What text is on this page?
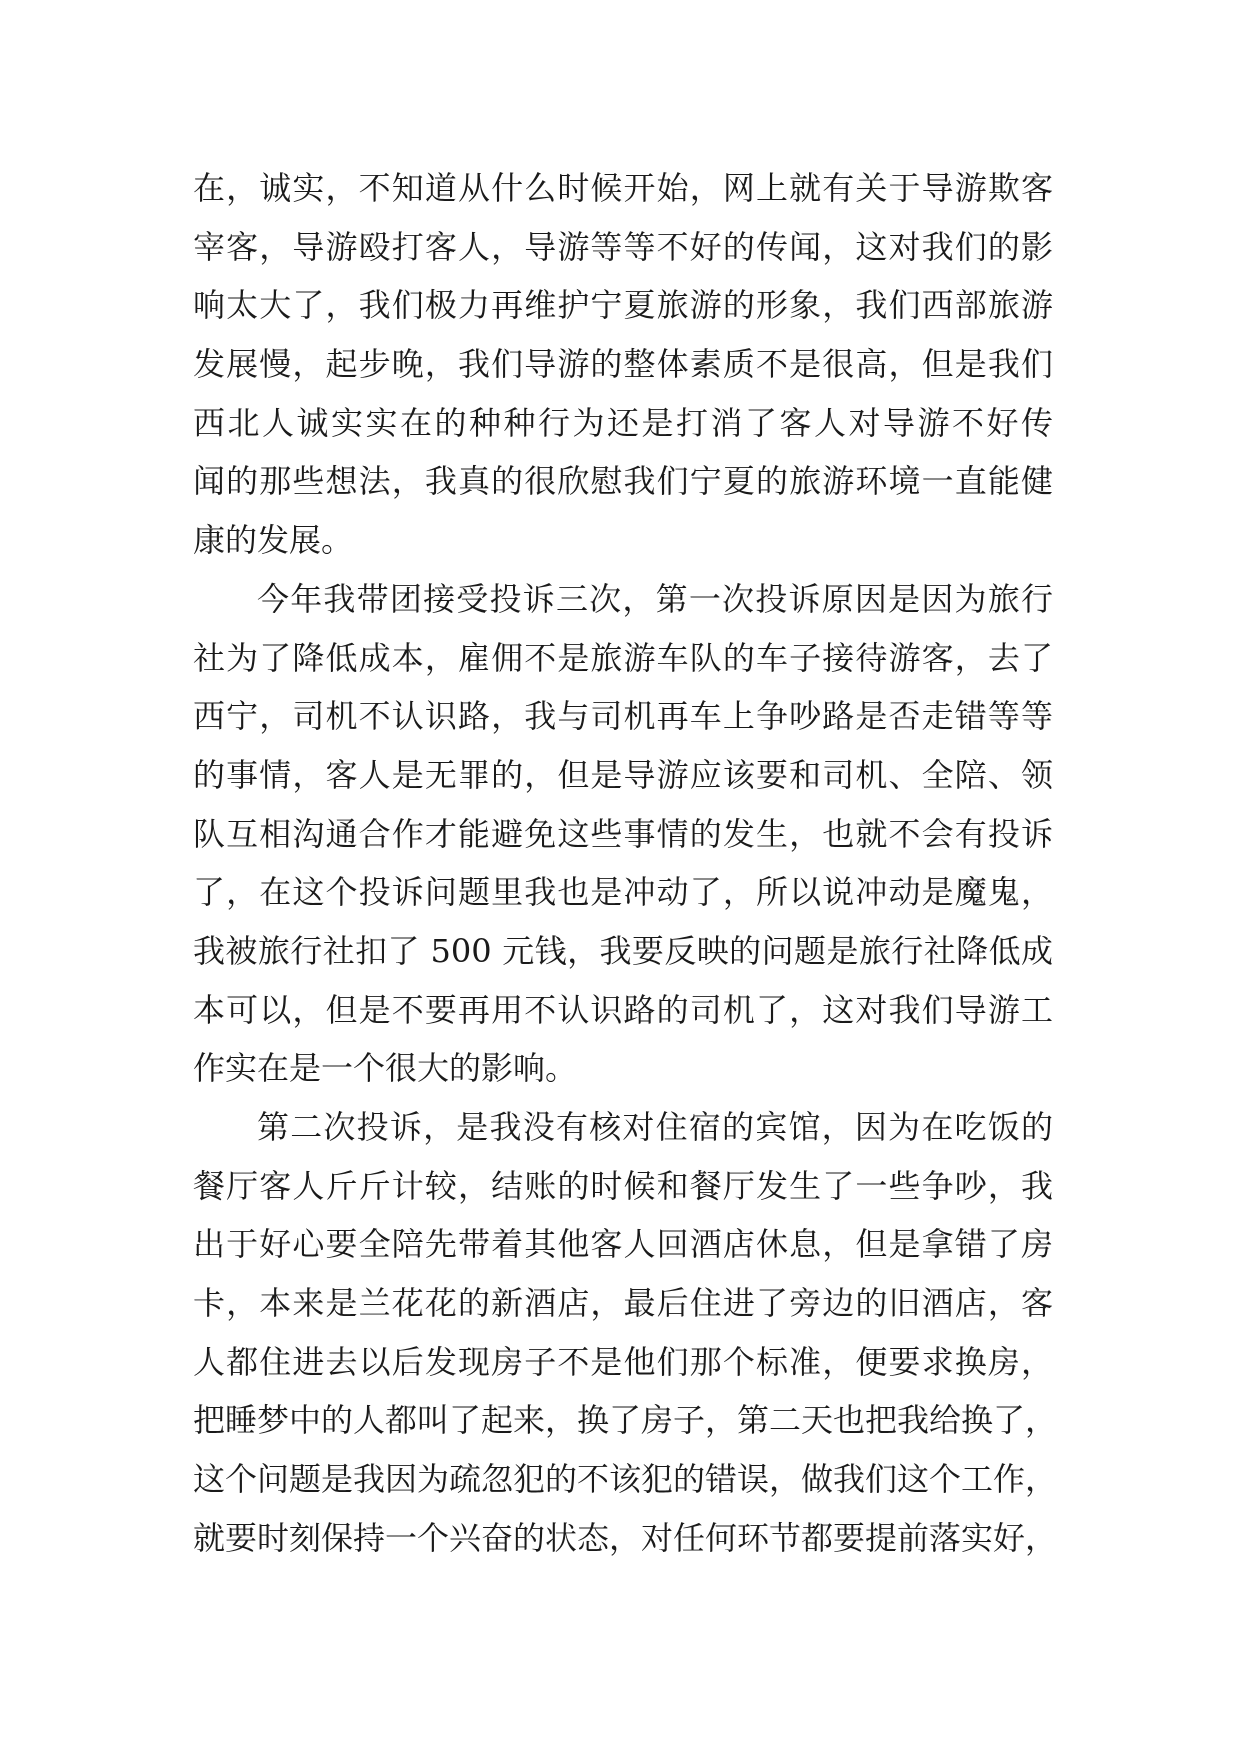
在，诚实，不知道从什么时候开始，网上就有关于导游欺客
宰客，导游殴打客人，导游等等不好的传闻，这对我们的影
响太大了，我们极力再维护宁夏旅游的形象，我们西部旅游
发展慢，起步晚，我们导游的整体素质不是很高，但是我们
西北人诚实实在的种种行为还是打消了客人对导游不好传
闻的那些想法，我真的很欣慰我们宁夏的旅游环境一直能健
康的发展。
今年我带团接受投诉三次，第一次投诉原因是因为旅行
社为了降低成本，雇佣不是旅游车队的车子接待游客，去了
西宁，司机不认识路，我与司机再车上争吵路是否走错等等
的事情，客人是无罪的，但是导游应该要和司机、全陪、领
队互相沟通合作才能避免这些事情的发生，也就不会有投诉
了，在这个投诉问题里我也是冲动了，所以说冲动是魔鬼，
我被旅行社扣了 500 元钱，我要反映的问题是旅行社降低成
本可以，但是不要再用不认识路的司机了，这对我们导游工
作实在是一个很大的影响。
第二次投诉，是我没有核对住宿的宾馆，因为在吃饭的
餐厅客人斤斤计较，结账的时候和餐厅发生了一些争吵，我
出于好心要全陪先带着其他客人回酒店休息，但是拿错了房
卡，本来是兰花花的新酒店，最后住进了旁边的旧酒店，客
人都住进去以后发现房子不是他们那个标准，便要求换房，
把睡梦中的人都叫了起来，换了房子，第二天也把我给换了，
这个问题是我因为疏忽犯的不该犯的错误，做我们这个工作，
就要时刻保持一个兴奋的状态，对任何环节都要提前落实好，
